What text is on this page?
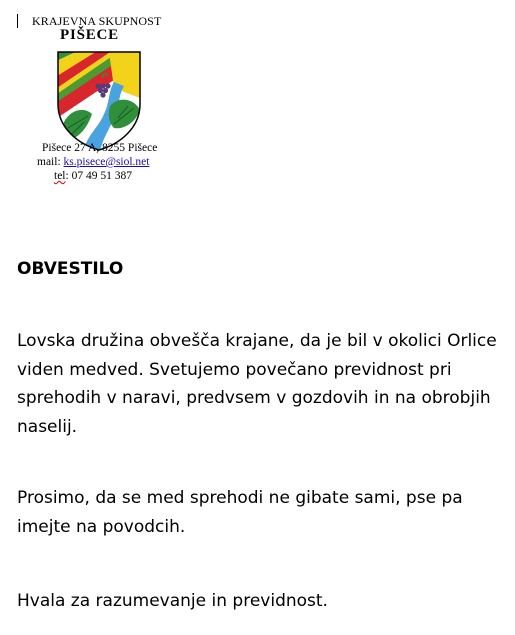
KRAJEVNA SKUPNOST
PIŠECE
Pišece 27 A, 8255 Pišece
mail: ks.pisece@siol.net
tel: 07 49 51 387
OBVESTILO

Lovska družina obvešča krajane, da je bil v okolici Orlice
viden medved. Svetujemo povečano previdnost pri
sprehodih v naravi, predvsem v gozdovih in na obrobjih
naselij.

Prosimo, da se med sprehodi ne gibate sami, pse pa
imejte na povodcih.

Hvala za razumevanje in previdnost.
